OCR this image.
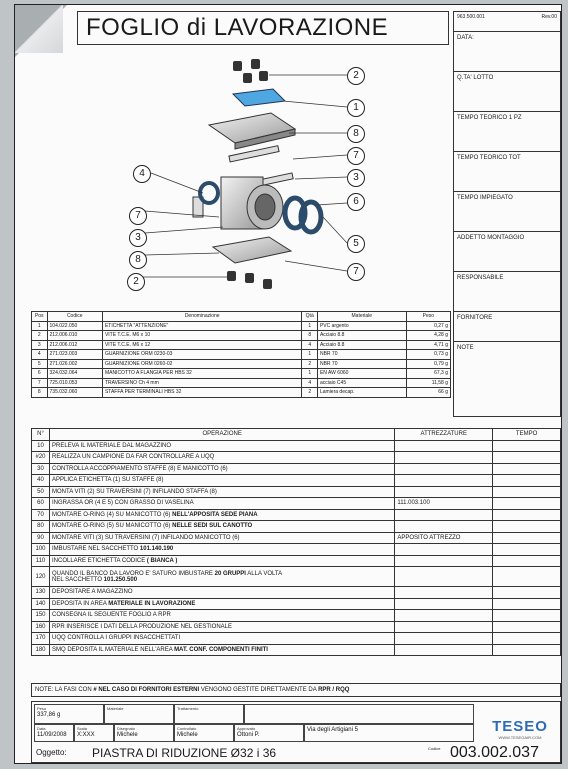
FOGLIO di LAVORAZIONE	963.500.001	Rev.00
DATA:
Q.TA' LOTTO
TEMPO TEORICO 1 PZ
TEMPO TEORICO TOT
TEMPO IMPIEGATO
ADDETTO MONTAGGIO
RESPONSABILE
FORNITORE
NOTE
2
1
8
7
3
6
5
7
4
7
3
8
2
Pos	Codice	Denominazione	Qtà	Materiale	Peso
1	104.022.050	ETICHETTA "ATTENZIONE"	1	PVC argento	0,27 g
2	212.006.010	VITE T.C.E. M6 x 10	8	Acciaio 8.8	4,28 g
3	212.006.012	VITE T.C.E. M6 x 12	4	Acciaio 8.8	4,71 g
4	271.023.003	GUARNIZIONE ORM 0230-03	1	NBR 70	0,73 g
5	271.026.002	GUARNIZIONE ORM 0260-02	2	NBR 70	0,79 g
6	324.032.064	MANICOTTO A FLANGIA PER HBS 32	1	EN AW 6060	67,3 g
7	725.010.053	TRAVERSINO Ch 4 mm	4	acciaio C45	11,58 g
8	735.032.060	STAFFA PER TERMINALI HBS 32	2	Lamiera decap.	66 g
N°	OPERAZIONE	ATTREZZATURE	TEMPO
10	PRELEVA IL MATERIALE DAL MAGAZZINO		
#20	REALIZZA UN CAMPIONE DA FAR CONTROLLARE A UQQ		
30	CONTROLLA ACCOPPIAMENTO STAFFE (8) E MANICOTTO (6)		
40	APPLICA ETICHETTA (1) SU STAFFE (8)		
50	MONTA VITI (2) SU TRAVERSINI (7) INFILANDO STAFFA (8)		
60	INGRASSA OR (4 E 5) CON GRASSO DI VASELINA	111.003.100	
70	MONTARE O-RING (4) SU MANICOTTO (6) NELL'APPOSITA SEDE PIANA		
80	MONTARE O-RING (5) SU MANICOTTO (6) NELLE SEDI SUL CANOTTO		
90	MONTARE VITI (3) SU TRAVERSINI (7) INFILANDO MANICOTTO (6)	APPOSITO ATTREZZO	
100	IMBUSTARE NEL SACCHETTO 101.140.190		
110	INCOLLARE ETICHETTA CODICE ( BIANCA )		
120	QUANDO IL BANCO DA LAVORO E' SATURO IMBUSTARE 20 GRUPPI ALLA VOLTA
NEL SACCHETTO 101.250.500		
130	DEPOSITARE A MAGAZZINO		
140	DEPOSITA IN AREA MATERIALE IN LAVORAZIONE		
150	CONSEGNA IL SEGUENTE FOGLIO A RPR		
160	RPR INSERISCE I DATI DELLA PRODUZIONE NEL GESTIONALE		
170	UQQ CONTROLLA I GRUPPI INSACCHETTATI		
180	SMQ DEPOSITA IL MATERIALE NELL'AREA MAT. CONF. COMPONENTI FINITI		
NOTE: LA FASI CON # NEL CASO DI FORNITORI ESTERNI VENGONO GESTITE DIRETTAMENTE DA RPR / RQQ
Peso
337,86 g
Materiale	Trattamento
Data
11/09/2008
Scala
X:XXX
Disegnato
Michele
Controllato
Michele
Approvato
Ottoni P.
Via degli Artigiani 5	TESEO
WWW.TESEOAIR.COM
Oggetto: PIASTRA DI RIDUZIONE Ø32 i 36	Codice 003.002.037
